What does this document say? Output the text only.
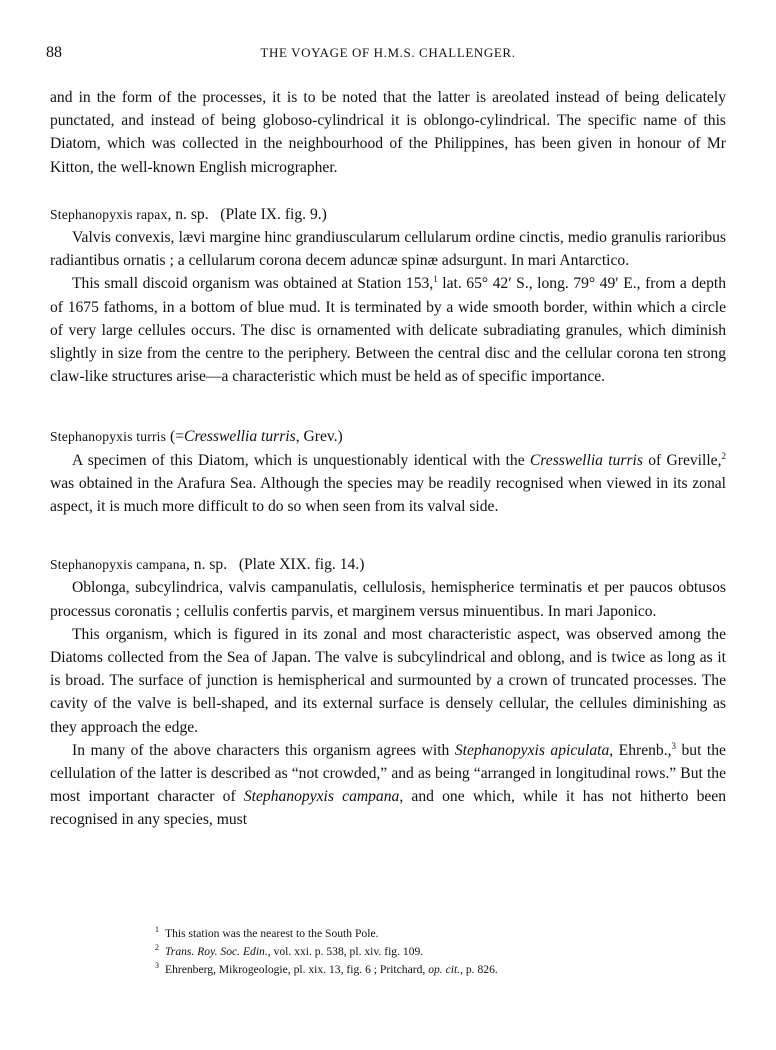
88	THE VOYAGE OF H.M.S. CHALLENGER.

and in the form of the processes, it is to be noted that the latter is areolated instead of being delicately punctated, and instead of being globoso-cylindrical it is oblongo-cylindrical. The specific name of this Diatom, which was collected in the neighbourhood of the Philippines, has been given in honour of Mr Kitton, the well-known English micrographer.

Stephanopyxis rapax, n. sp. (Plate IX. fig. 9.)

Valvis convexis, lævi margine hinc grandiuscularum cellularum ordine cinctis, medio granulis rarioribus radiantibus ornatis ; a cellularum corona decem aduncæ spinæ adsurgunt. In mari Antarctico.

This small discoid organism was obtained at Station 153,$^1$ lat. 65° 42′ S., long. 79° 49′ E., from a depth of 1675 fathoms, in a bottom of blue mud. It is terminated by a wide smooth border, within which a circle of very large cellules occurs. The disc is ornamented with delicate subradiating granules, which diminish slightly in size from the centre to the periphery. Between the central disc and the cellular corona ten strong claw-like structures arise—a characteristic which must be held as of specific importance.

Stephanopyxis turris (=Cresswellia turris, Grev.)

A specimen of this Diatom, which is unquestionably identical with the Cresswellia turris of Greville,$^2$ was obtained in the Arafura Sea. Although the species may be readily recognised when viewed in its zonal aspect, it is much more difficult to do so when seen from its valval side.

Stephanopyxis campana, n. sp. (Plate XIX. fig. 14.)

Oblonga, subcylindrica, valvis campanulatis, cellulosis, hemispherice terminatis et per paucos obtusos processus coronatis ; cellulis confertis parvis, et marginem versus minuentibus. In mari Japonico.

This organism, which is figured in its zonal and most characteristic aspect, was observed among the Diatoms collected from the Sea of Japan. The valve is subcylindrical and oblong, and is twice as long as it is broad. The surface of junction is hemispherical and surmounted by a crown of truncated processes. The cavity of the valve is bell-shaped, and its external surface is densely cellular, the cellules diminishing as they approach the edge.

In many of the above characters this organism agrees with Stephanopyxis apiculata, Ehrenb.,$^3$ but the cellulation of the latter is described as “not crowded,” and as being “arranged in longitudinal rows.” But the most important character of Stephanopyxis campana, and one which, while it has not hitherto been recognised in any species, must

$^1$ This station was the nearest to the South Pole.
$^2$ Trans. Roy. Soc. Edin., vol. xxi. p. 538, pl. xiv. fig. 109.
$^3$ Ehrenberg, Mikrogeologie, pl. xix. 13, fig. 6 ; Pritchard, op. cit., p. 826.
